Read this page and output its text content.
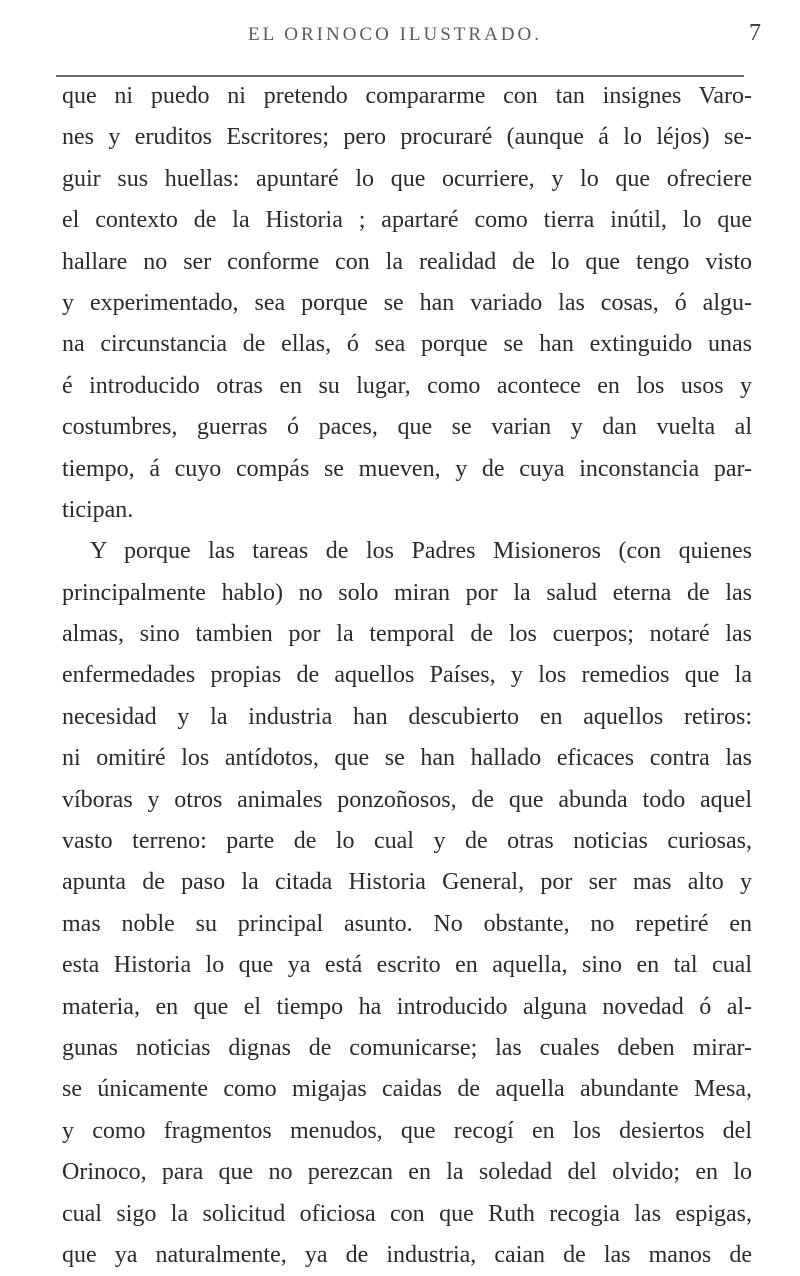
EL ORINOCO ILUSTRADO.	7
que ni puedo ni pretendo compararme con tan insignes Varo-
nes y eruditos Escritores; pero procuraré (aunque á lo léjos) se-
guir sus huellas: apuntaré lo que ocurriere, y lo que ofreciere
el contexto de la Historia ; apartaré como tierra inútil, lo que
hallare no ser conforme con la realidad de lo que tengo visto
y experimentado, sea porque se han variado las cosas, ó algu-
na circunstancia de ellas, ó sea porque se han extinguido unas
é introducido otras en su lugar, como acontece en los usos y
costumbres, guerras ó paces, que se varian y dan vuelta al
tiempo, á cuyo compás se mueven, y de cuya inconstancia par-
ticipan.
Y porque las tareas de los Padres Misioneros (con quienes
principalmente hablo) no solo miran por la salud eterna de las
almas, sino tambien por la temporal de los cuerpos; notaré las
enfermedades propias de aquellos Países, y los remedios que la
necesidad y la industria han descubierto en aquellos retiros:
ni omitiré los antídotos, que se han hallado eficaces contra las
víboras y otros animales ponzoñosos, de que abunda todo aquel
vasto terreno: parte de lo cual y de otras noticias curiosas,
apunta de paso la citada Historia General, por ser mas alto y
mas noble su principal asunto. No obstante, no repetiré en
esta Historia lo que ya está escrito en aquella, sino en tal cual
materia, en que el tiempo ha introducido alguna novedad ó al-
gunas noticias dignas de comunicarse; las cuales deben mirar-
se únicamente como migajas caidas de aquella abundante Mesa,
y como fragmentos menudos, que recogí en los desiertos del
Orinoco, para que no perezcan en la soledad del olvido; en lo
cual sigo la solicitud oficiosa con que Ruth recogia las espigas,
que ya naturalmente, ya de industria, caian de las manos de
